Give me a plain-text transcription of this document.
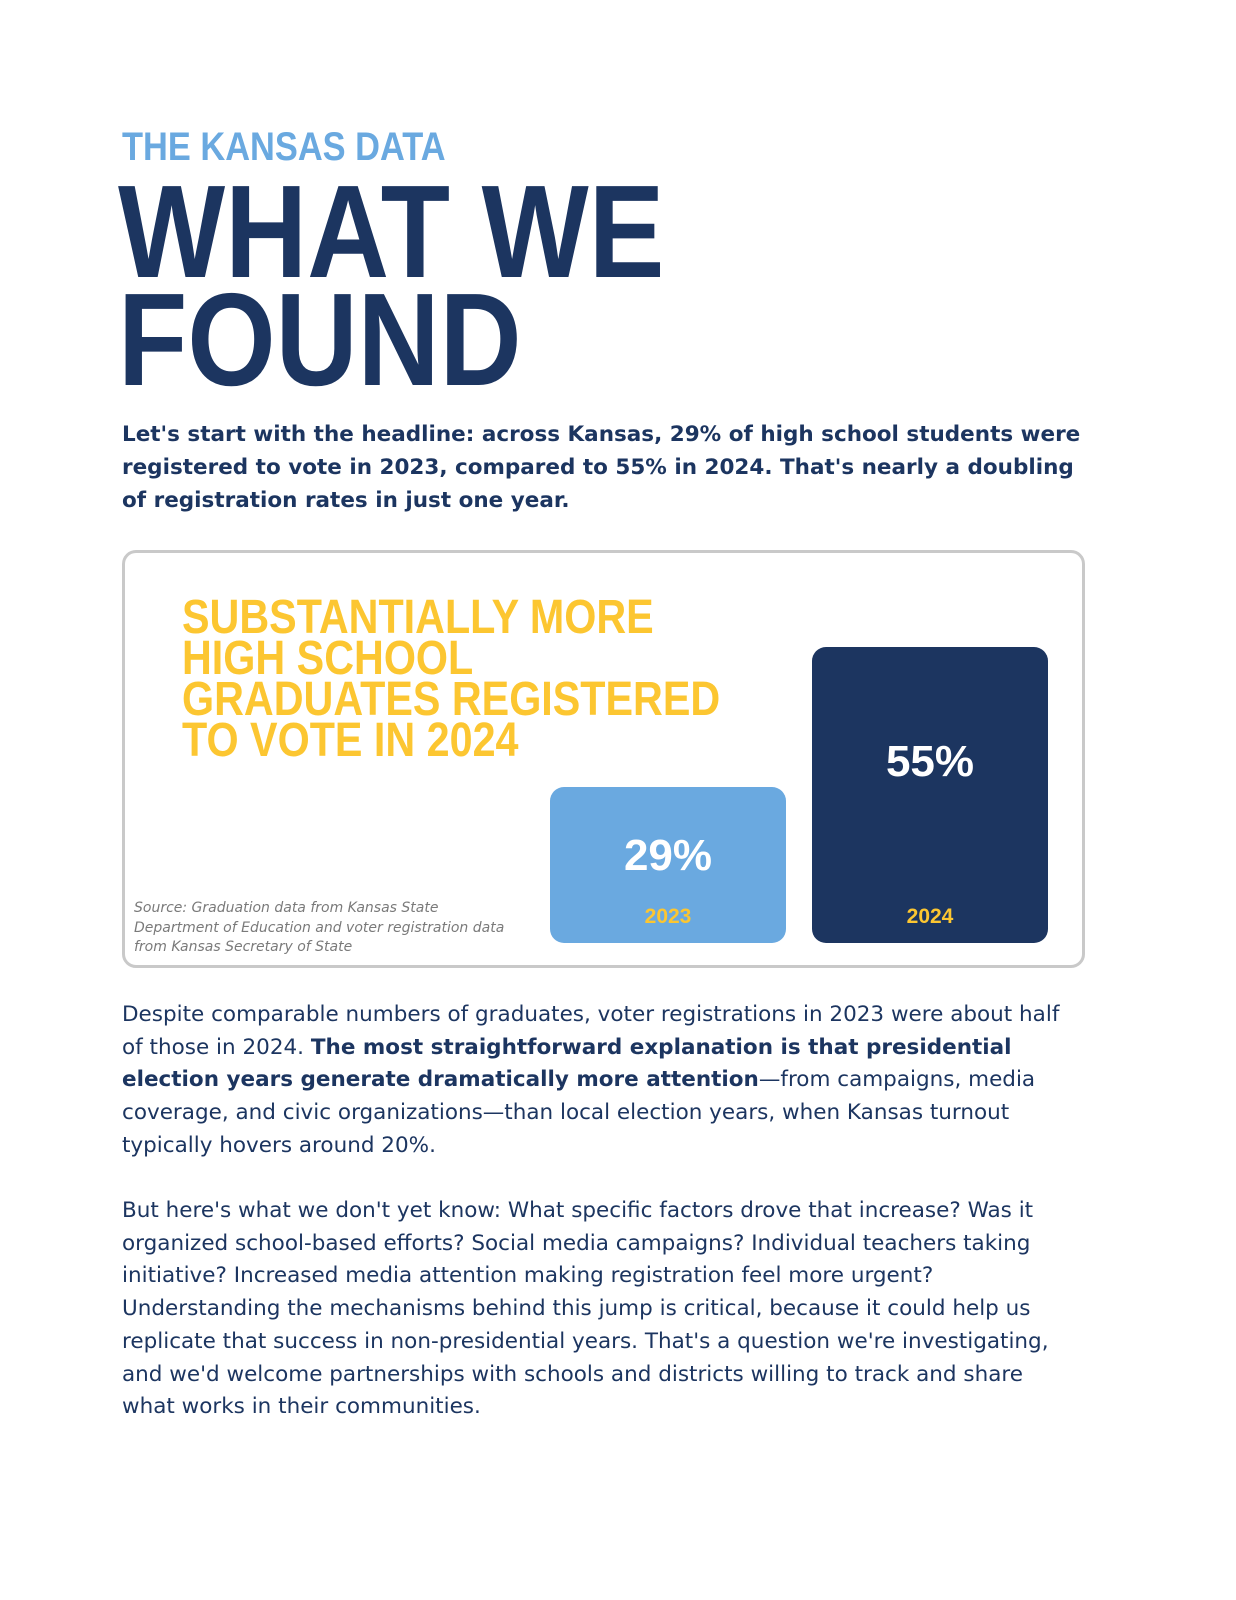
THE KANSAS DATA
WHAT WE
FOUND

Let's start with the headline: across Kansas, 29% of high school students were registered to vote in 2023, compared to 55% in 2024. That's nearly a doubling of registration rates in just one year.

SUBSTANTIALLY MORE
HIGH SCHOOL
GRADUATES REGISTERED
TO VOTE IN 2024

Source: Graduation data from Kansas State Department of Education and voter registration data from Kansas Secretary of State

29%
2023
55%
2024

Despite comparable numbers of graduates, voter registrations in 2023 were about half of those in 2024. The most straightforward explanation is that presidential election years generate dramatically more attention—from campaigns, media coverage, and civic organizations—than local election years, when Kansas turnout typically hovers around 20%.

But here's what we don't yet know: What specific factors drove that increase? Was it organized school-based efforts? Social media campaigns? Individual teachers taking initiative? Increased media attention making registration feel more urgent? Understanding the mechanisms behind this jump is critical, because it could help us replicate that success in non-presidential years. That's a question we're investigating, and we'd welcome partnerships with schools and districts willing to track and share what works in their communities.
